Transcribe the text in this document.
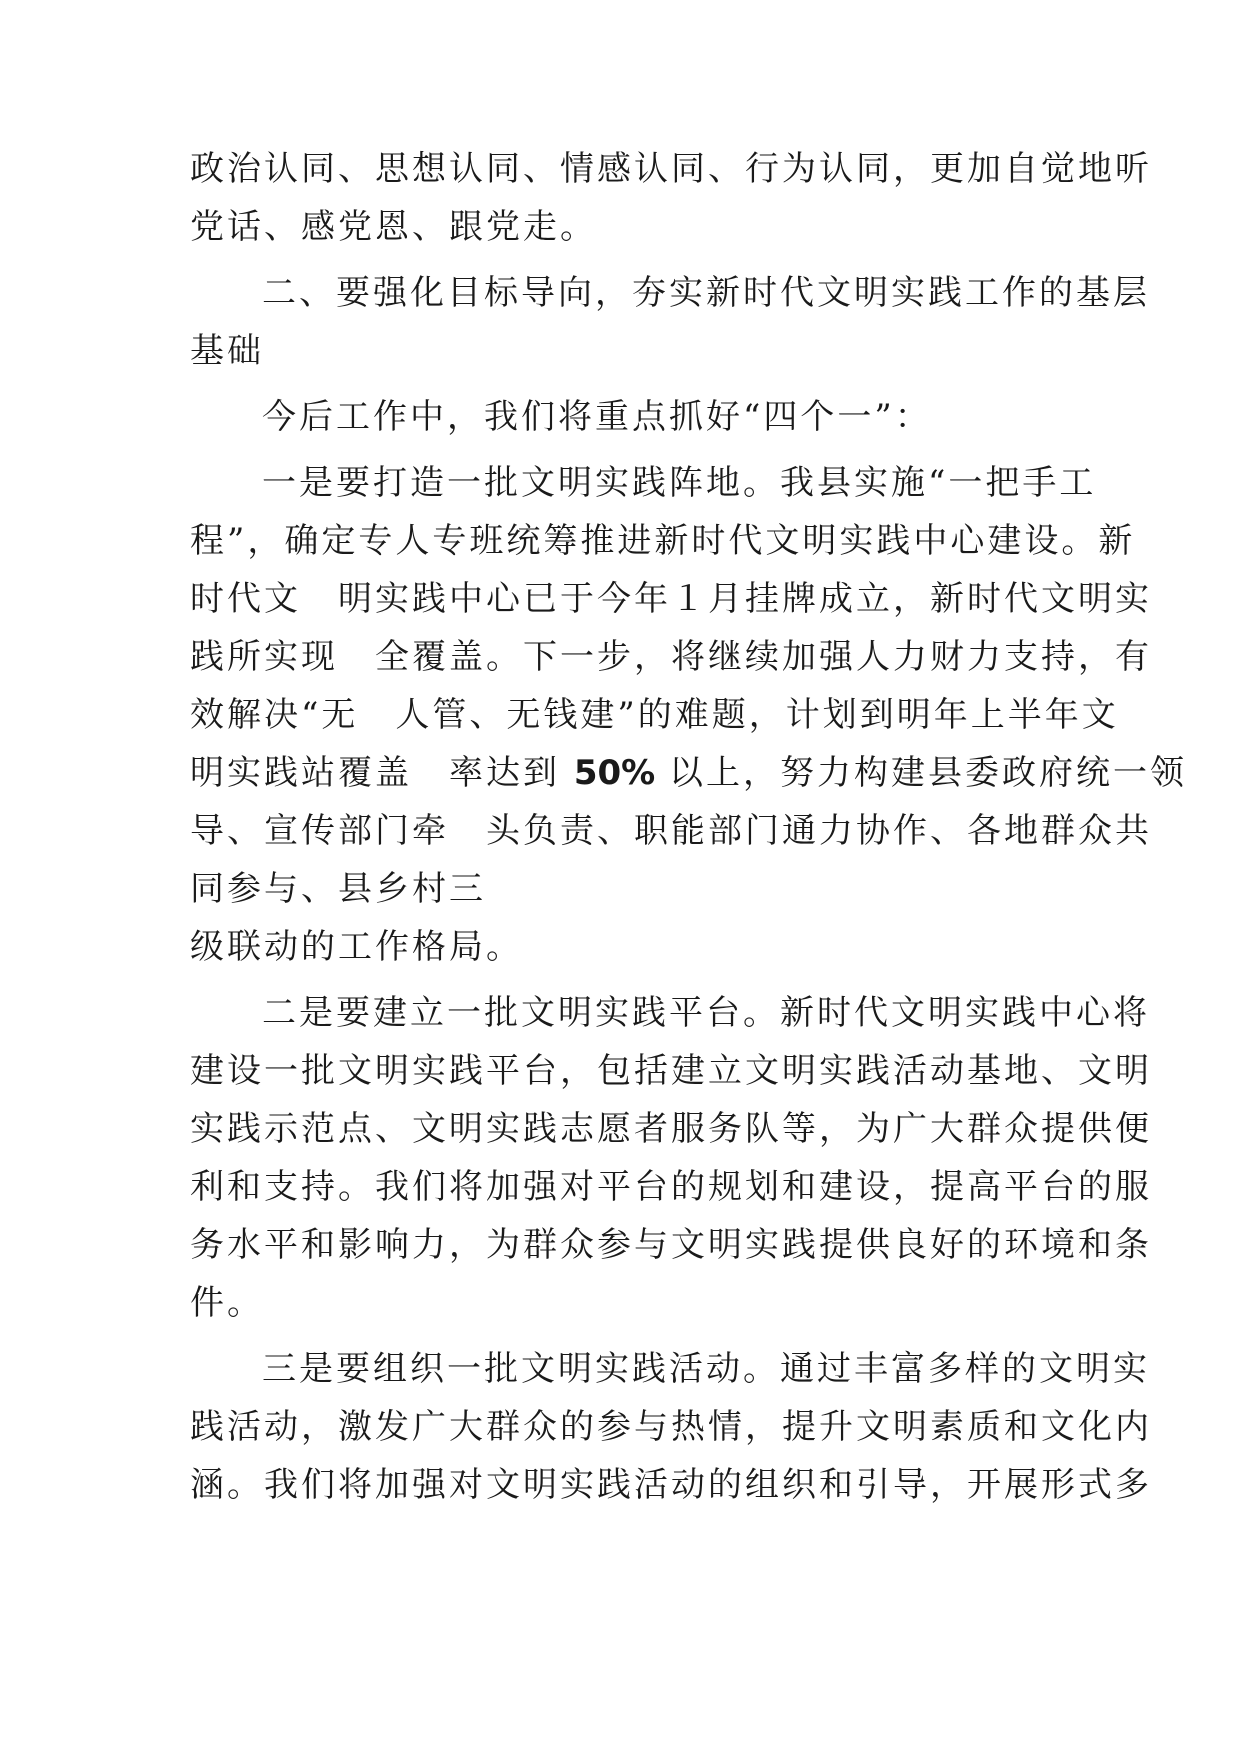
政治认同、思想认同、情感认同、行为认同，更加自觉地听
党话、感党恩、跟党走。
二、要强化目标导向，夯实新时代文明实践工作的基层
基础
今后工作中，我们将重点抓好“四个一”：
一是要打造一批文明实践阵地。我县实施“一把手工
程”，确定专人专班统筹推进新时代文明实践中心建设。新
时代文　明实践中心已于今年１月挂牌成立，新时代文明实
践所实现　全覆盖。下一步，将继续加强人力财力支持，有
效解决“无　人管、无钱建”的难题，计划到明年上半年文
明实践站覆盖　率达到 50% 以上，努力构建县委政府统一领
导、宣传部门牵　头负责、职能部门通力协作、各地群众共
同参与、县乡村三
级联动的工作格局。
二是要建立一批文明实践平台。新时代文明实践中心将
建设一批文明实践平台，包括建立文明实践活动基地、文明
实践示范点、文明实践志愿者服务队等，为广大群众提供便
利和支持。我们将加强对平台的规划和建设，提高平台的服
务水平和影响力，为群众参与文明实践提供良好的环境和条
件。
三是要组织一批文明实践活动。通过丰富多样的文明实
践活动，激发广大群众的参与热情，提升文明素质和文化内
涵。我们将加强对文明实践活动的组织和引导，开展形式多
